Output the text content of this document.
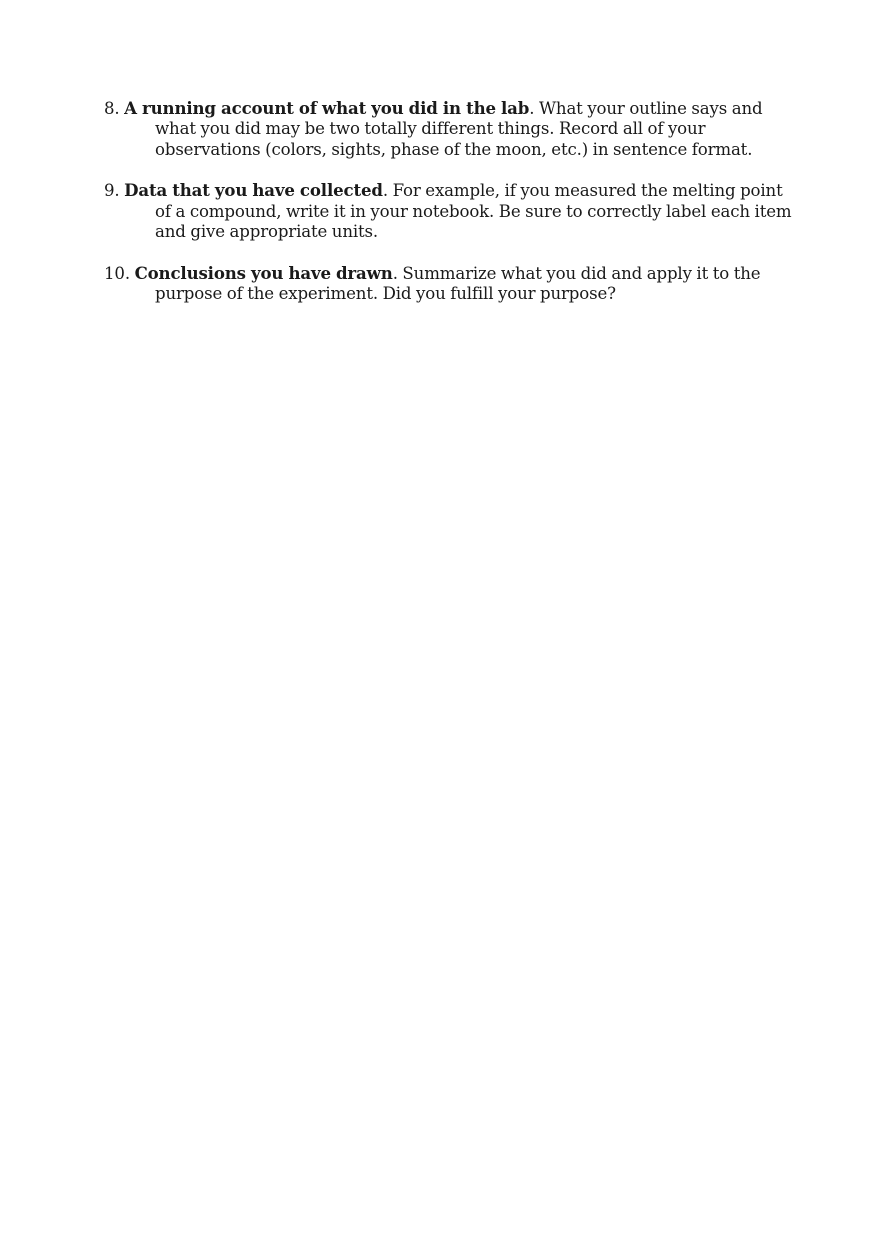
8. A running account of what you did in the lab. What your outline says and what you did may be two totally different things. Record all of your observations (colors, sights, phase of the moon, etc.) in sentence format.

9. Data that you have collected. For example, if you measured the melting point of a compound, write it in your notebook. Be sure to correctly label each item and give appropriate units.

10. Conclusions you have drawn. Summarize what you did and apply it to the purpose of the experiment. Did you fulfill your purpose?
